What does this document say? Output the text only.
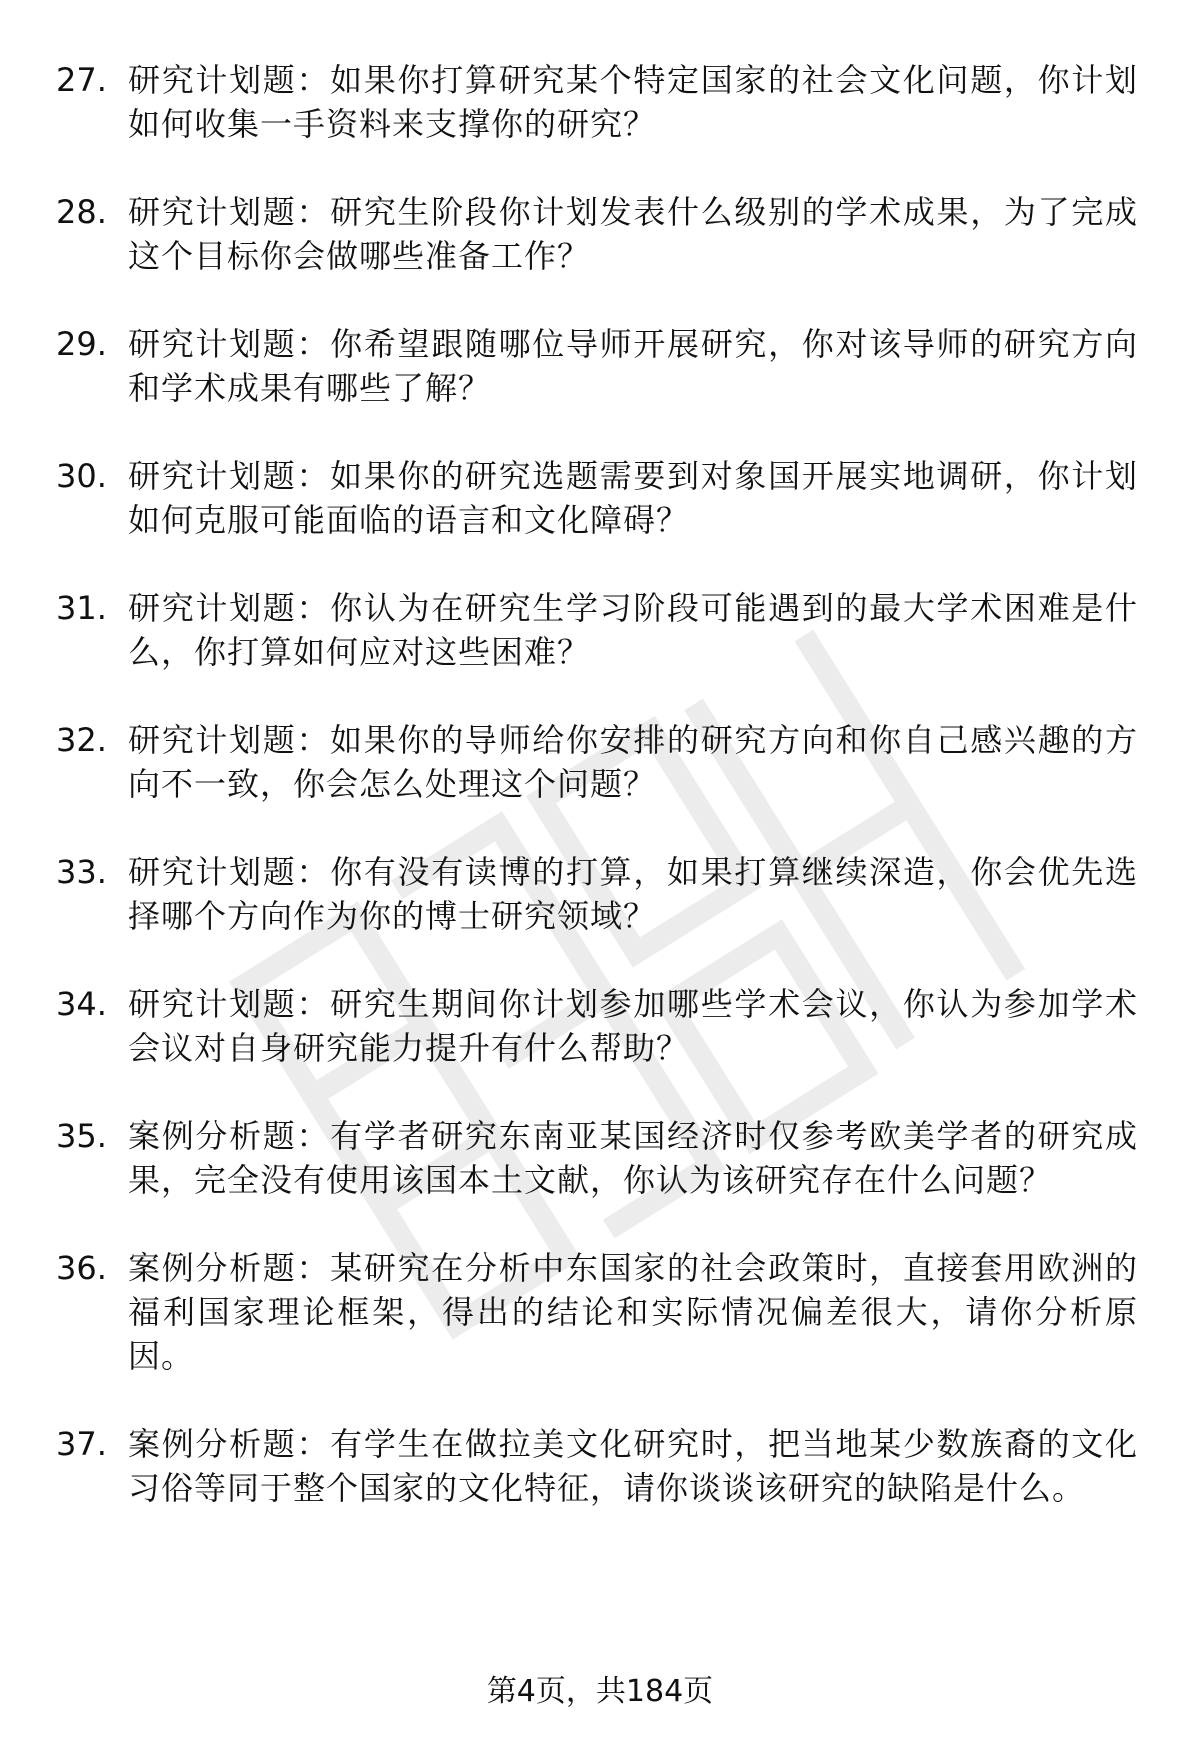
27. 研究计划题：如果你打算研究某个特定国家的社会文化问题，你计划如何收集一手资料来支撑你的研究？
28. 研究计划题：研究生阶段你计划发表什么级别的学术成果，为了完成这个目标你会做哪些准备工作？
29. 研究计划题：你希望跟随哪位导师开展研究，你对该导师的研究方向和学术成果有哪些了解？
30. 研究计划题：如果你的研究选题需要到对象国开展实地调研，你计划如何克服可能面临的语言和文化障碍？
31. 研究计划题：你认为在研究生学习阶段可能遇到的最大学术困难是什么，你打算如何应对这些困难？
32. 研究计划题：如果你的导师给你安排的研究方向和你自己感兴趣的方向不一致，你会怎么处理这个问题？
33. 研究计划题：你有没有读博的打算，如果打算继续深造，你会优先选择哪个方向作为你的博士研究领域？
34. 研究计划题：研究生期间你计划参加哪些学术会议，你认为参加学术会议对自身研究能力提升有什么帮助？
35. 案例分析题：有学者研究东南亚某国经济时仅参考欧美学者的研究成果，完全没有使用该国本土文献，你认为该研究存在什么问题？
36. 案例分析题：某研究在分析中东国家的社会政策时，直接套用欧洲的福利国家理论框架，得出的结论和实际情况偏差很大，请你分析原因。
37. 案例分析题：有学生在做拉美文化研究时，把当地某少数族裔的文化习俗等同于整个国家的文化特征，请你谈谈该研究的缺陷是什么。
第4页，共184页
